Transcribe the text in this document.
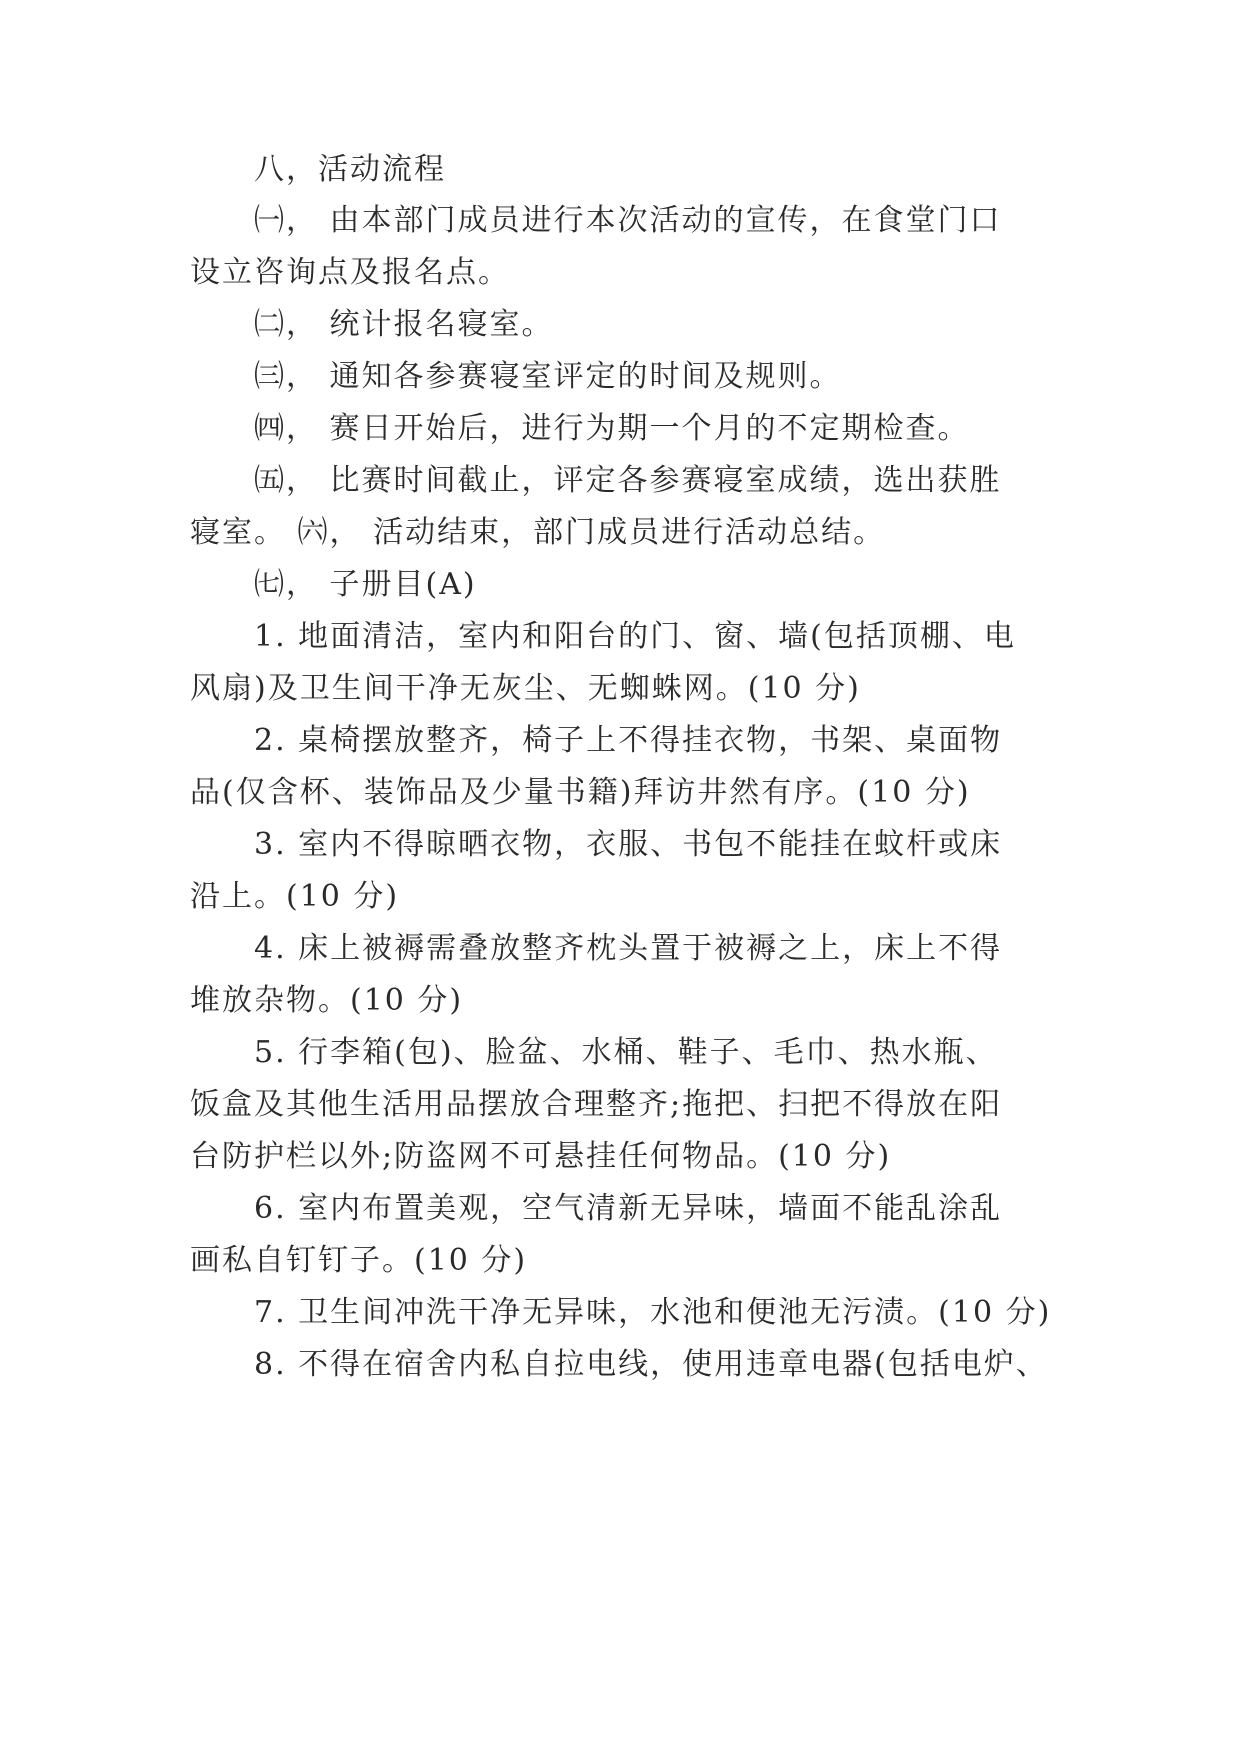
八，活动流程

㈠， 由本部门成员进行本次活动的宣传，在食堂门口

设立咨询点及报名点。

㈡， 统计报名寝室。

㈢， 通知各参赛寝室评定的时间及规则。

㈣， 赛日开始后，进行为期一个月的不定期检查。

㈤， 比赛时间截止，评定各参赛寝室成绩，选出获胜

寝室。 ㈥， 活动结束，部门成员进行活动总结。

㈦， 子册目(A)

1. 地面清洁，室内和阳台的门、窗、墙(包括顶棚、电

风扇)及卫生间干净无灰尘、无蜘蛛网。(10 分)

2. 桌椅摆放整齐，椅子上不得挂衣物，书架、桌面物

品(仅含杯、装饰品及少量书籍)拜访井然有序。(10 分)

3. 室内不得晾晒衣物，衣服、书包不能挂在蚊杆或床

沿上。(10 分)

4. 床上被褥需叠放整齐枕头置于被褥之上，床上不得

堆放杂物。(10 分)

5. 行李箱(包)、脸盆、水桶、鞋子、毛巾、热水瓶、

饭盒及其他生活用品摆放合理整齐;拖把、扫把不得放在阳

台防护栏以外;防盗网不可悬挂任何物品。(10 分)

6. 室内布置美观，空气清新无异味，墙面不能乱涂乱

画私自钉钉子。(10 分)

7. 卫生间冲洗干净无异味，水池和便池无污渍。(10 分)

8. 不得在宿舍内私自拉电线，使用违章电器(包括电炉、
